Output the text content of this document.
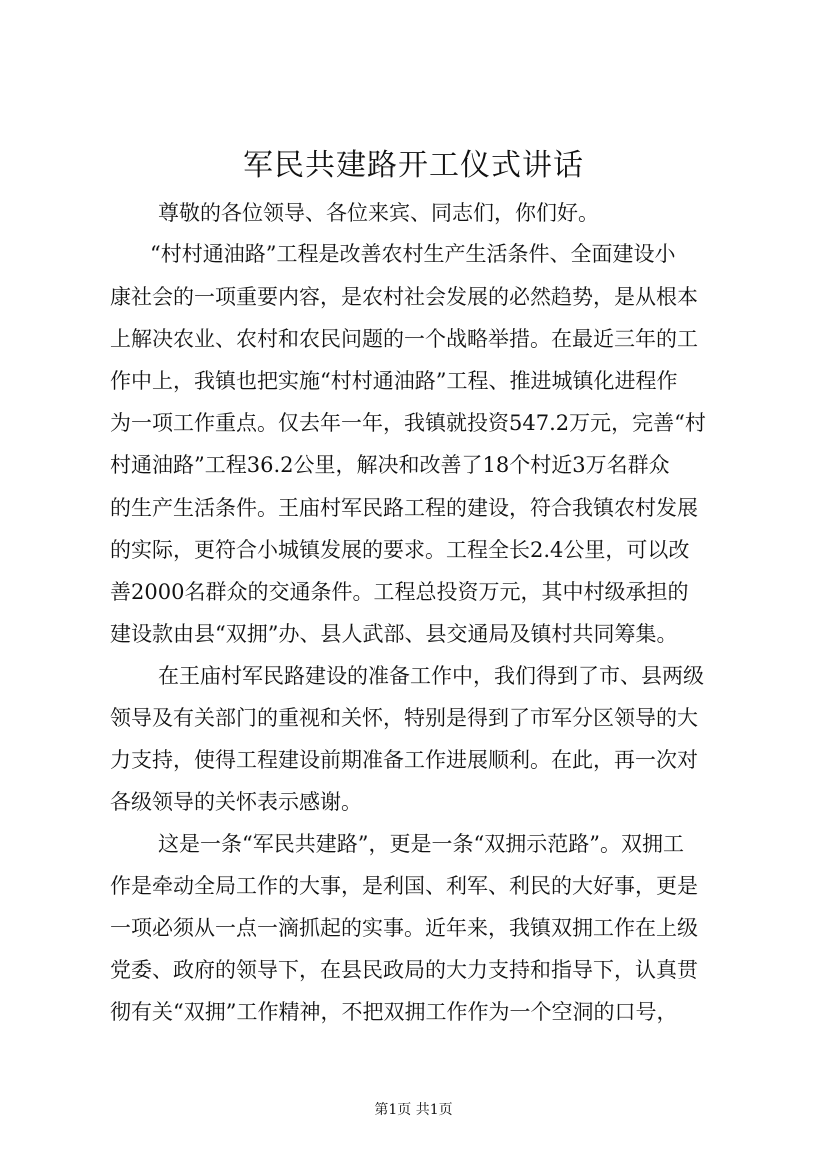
军民共建路开工仪式讲话
尊敬的各位领导、各位来宾、同志们，你们好。
“村村通油路”工程是改善农村生产生活条件、全面建设小
康社会的一项重要内容，是农村社会发展的必然趋势，是从根本
上解决农业、农村和农民问题的一个战略举措。在最近三年的工
作中上，我镇也把实施“村村通油路”工程、推进城镇化进程作
为一项工作重点。仅去年一年，我镇就投资547.2万元，完善“村
村通油路”工程36.2公里，解决和改善了18个村近3万名群众
的生产生活条件。王庙村军民路工程的建设，符合我镇农村发展
的实际，更符合小城镇发展的要求。工程全长2.4公里，可以改
善2000名群众的交通条件。工程总投资万元，其中村级承担的
建设款由县“双拥”办、县人武部、县交通局及镇村共同筹集。
在王庙村军民路建设的准备工作中，我们得到了市、县两级
领导及有关部门的重视和关怀，特别是得到了市军分区领导的大
力支持，使得工程建设前期准备工作进展顺利。在此，再一次对
各级领导的关怀表示感谢。
这是一条“军民共建路”，更是一条“双拥示范路”。双拥工
作是牵动全局工作的大事，是利国、利军、利民的大好事，更是
一项必须从一点一滴抓起的实事。近年来，我镇双拥工作在上级
党委、政府的领导下，在县民政局的大力支持和指导下，认真贯
彻有关“双拥”工作精神，不把双拥工作作为一个空洞的口号，
第1页 共1页
